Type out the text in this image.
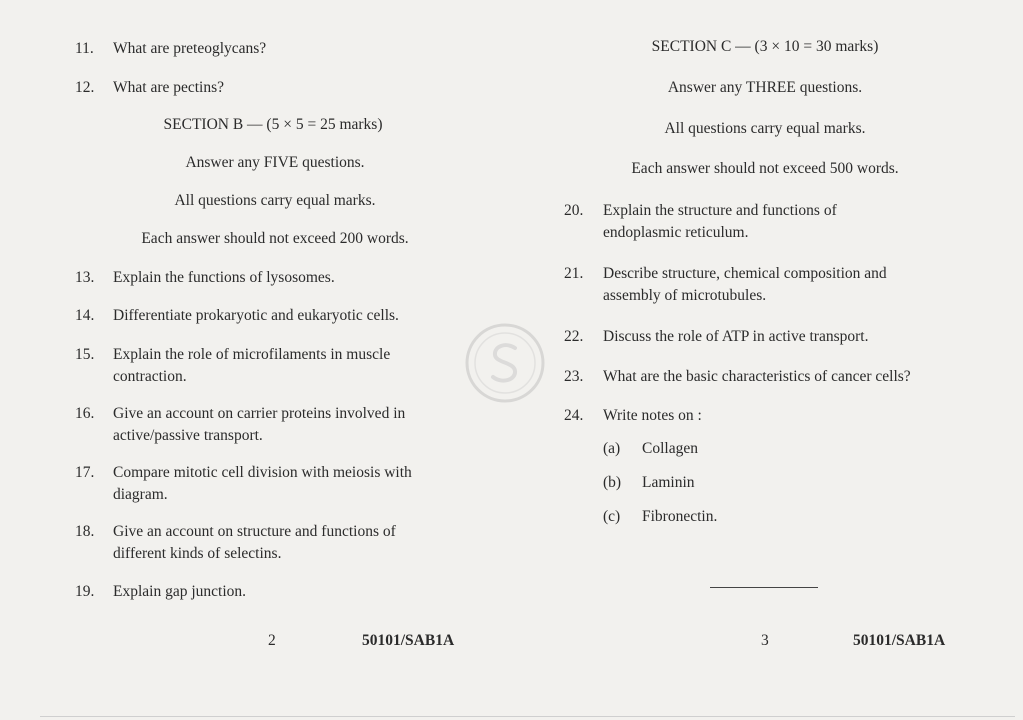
11.	What are preteoglycans?
12.	What are pectins?
SECTION B — (5 × 5 = 25 marks)
Answer any FIVE questions.
All questions carry equal marks.
Each answer should not exceed 200 words.
13.	Explain the functions of lysosomes.
14.	Differentiate prokaryotic and eukaryotic cells.
15.	Explain the role of microfilaments in muscle
contraction.
16.	Give an account on carrier proteins involved in
active/passive transport.
17.	Compare mitotic cell division with meiosis with
diagram.
18.	Give an account on structure and functions of
different kinds of selectins.
19.	Explain gap junction.
2	50101/SAB1A
SECTION C — (3 × 10 = 30 marks)
Answer any THREE questions.
All questions carry equal marks.
Each answer should not exceed 500 words.
20.	Explain the structure and functions of
endoplasmic reticulum.
21.	Describe structure, chemical composition and
assembly of microtubules.
22.	Discuss the role of ATP in active transport.
23.	What are the basic characteristics of cancer cells?
24.	Write notes on :
(a)	Collagen
(b)	Laminin
(c)	Fibronectin.
3	50101/SAB1A
